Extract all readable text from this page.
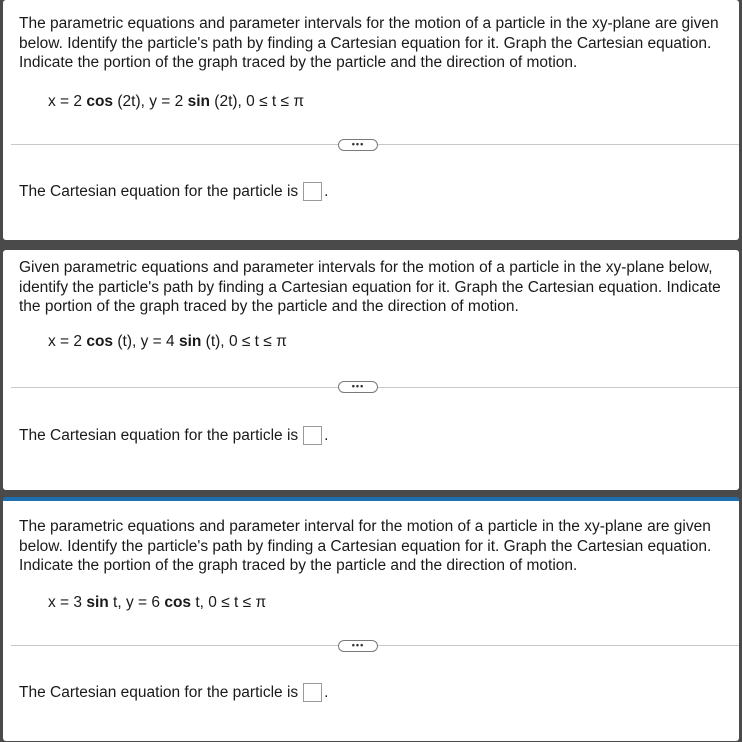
The parametric equations and parameter intervals for the motion of a particle in the xy-plane are given below. Identify the particle's path by finding a Cartesian equation for it. Graph the Cartesian equation. Indicate the portion of the graph traced by the particle and the direction of motion.

x = 2 cos (2t), y = 2 sin (2t), 0 ≤ t ≤ π
•••
The Cartesian equation for the particle is .

Given parametric equations and parameter intervals for the motion of a particle in the xy-plane below, identify the particle's path by finding a Cartesian equation for it. Graph the Cartesian equation. Indicate the portion of the graph traced by the particle and the direction of motion.

x = 2 cos (t), y = 4 sin (t), 0 ≤ t ≤ π
•••
The Cartesian equation for the particle is .

The parametric equations and parameter interval for the motion of a particle in the xy-plane are given below. Identify the particle's path by finding a Cartesian equation for it. Graph the Cartesian equation. Indicate the portion of the graph traced by the particle and the direction of motion.

x = 3 sin t, y = 6 cos t, 0 ≤ t ≤ π
•••
The Cartesian equation for the particle is .
